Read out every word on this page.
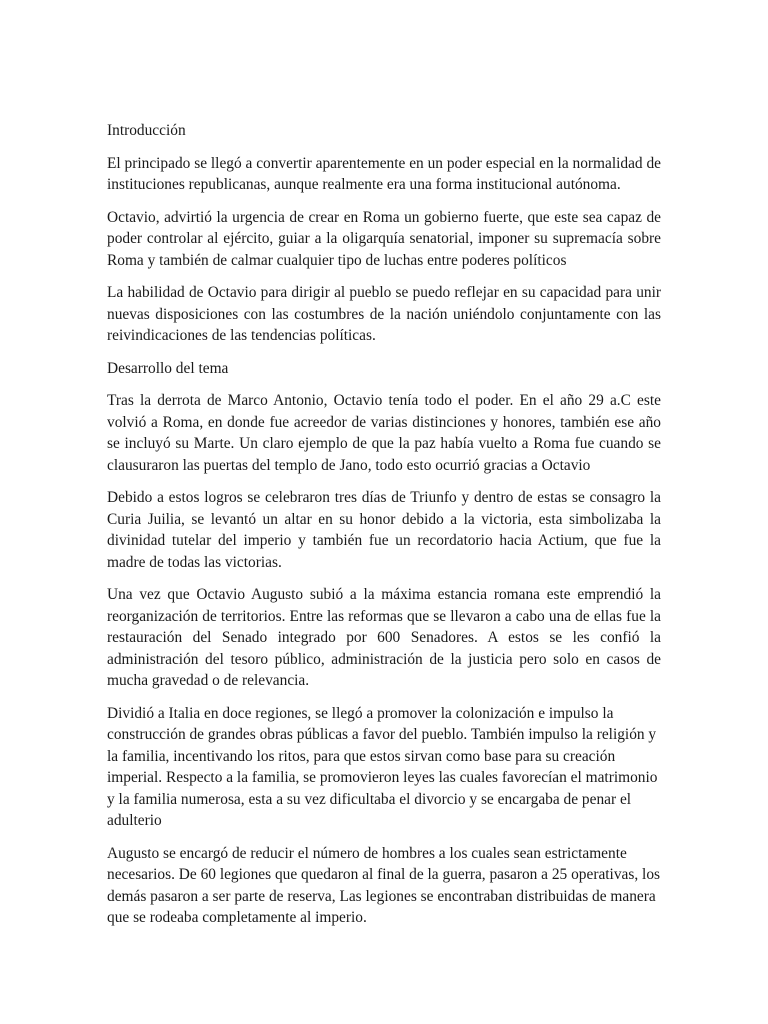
Introducción

El principado se llegó a convertir aparentemente en un poder especial en la normalidad de instituciones republicanas, aunque realmente era una forma institucional autónoma.

Octavio, advirtió la urgencia de crear en Roma un gobierno fuerte, que este sea capaz de poder controlar al ejército, guiar a la oligarquía senatorial, imponer su supremacía sobre Roma y también de calmar cualquier tipo de luchas entre poderes políticos

La habilidad de Octavio para dirigir al pueblo se puedo reflejar en su capacidad para unir nuevas disposiciones con las costumbres de la nación uniéndolo conjuntamente con las reivindicaciones de las tendencias políticas.

Desarrollo del tema

Tras la derrota de Marco Antonio, Octavio tenía todo el poder. En el año 29 a.C este volvió a Roma, en donde fue acreedor de varias distinciones y honores, también ese año se incluyó su Marte. Un claro ejemplo de que la paz había vuelto a Roma fue cuando se clausuraron las puertas del templo de Jano, todo esto ocurrió gracias a Octavio

Debido a estos logros se celebraron tres días de Triunfo y dentro de estas se consagro la Curia Juilia, se levantó un altar en su honor debido a la victoria, esta simbolizaba la divinidad tutelar del imperio y también fue un recordatorio hacia Actium, que fue la madre de todas las victorias.

Una vez que Octavio Augusto subió a la máxima estancia romana este emprendió la reorganización de territorios. Entre las reformas que se llevaron a cabo una de ellas fue la restauración del Senado integrado por 600 Senadores. A estos se les confió la administración del tesoro público, administración de la justicia pero solo en casos de mucha gravedad o de relevancia.

Dividió a Italia en doce regiones, se llegó a promover la colonización e impulso la construcción de grandes obras públicas a favor del pueblo. También impulso la religión y la familia, incentivando los ritos, para que estos sirvan como base para su creación imperial. Respecto a la familia, se promovieron leyes las cuales favorecían el matrimonio y la familia numerosa, esta a su vez dificultaba el divorcio y se encargaba de penar el adulterio

Augusto se encargó de reducir el número de hombres a los cuales sean estrictamente necesarios. De 60 legiones que quedaron al final de la guerra, pasaron a 25 operativas, los demás pasaron a ser parte de reserva, Las legiones se encontraban distribuidas de manera que se rodeaba completamente al imperio.
